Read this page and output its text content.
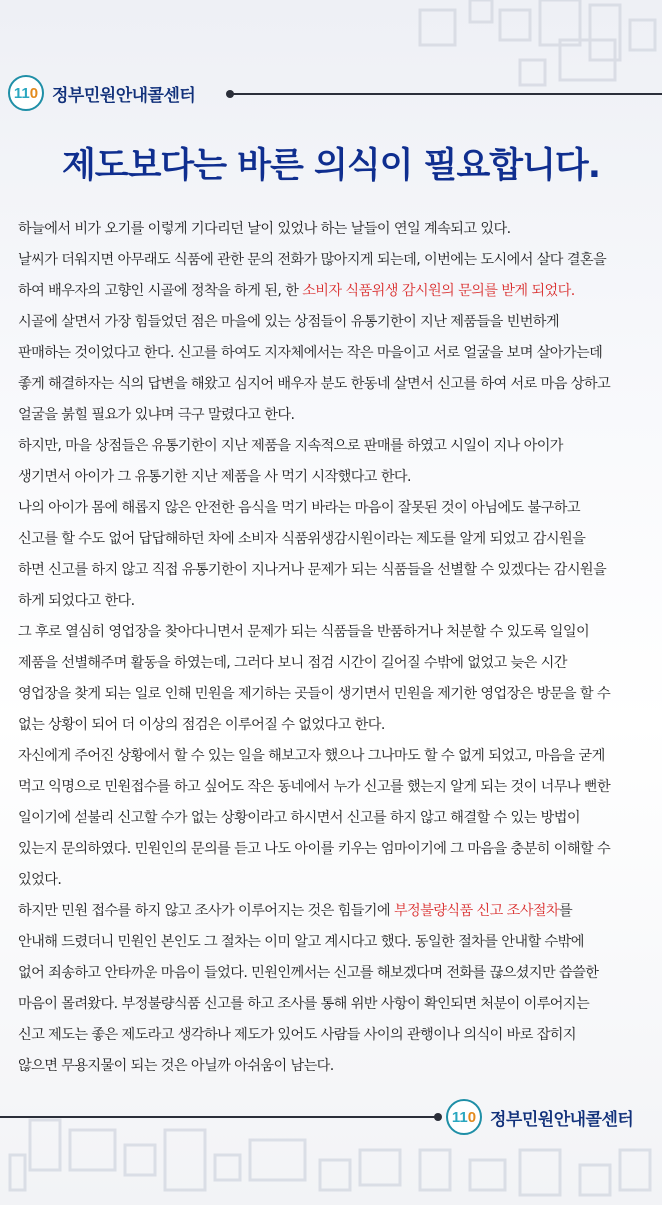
11 0 정부민원안내콜센터
제도보다는 바른 의식이 필요합니다.

하늘에서 비가 오기를 이렇게 기다리던 날이 있었나 하는 날들이 연일 계속되고 있다.

날씨가 더워지면 아무래도 식품에 관한 문의 전화가 많아지게 되는데, 이번에는 도시에서 살다 결혼을

하여 배우자의 고향인 시골에 정착을 하게 된, 한 소비자 식품위생 감시원의 문의를 받게 되었다.

시골에 살면서 가장 힘들었던 점은 마을에 있는 상점들이 유통기한이 지난 제품들을 빈번하게

판매하는 것이었다고 한다. 신고를 하여도 지자체에서는 작은 마을이고 서로 얼굴을 보며 살아가는데

좋게 해결하자는 식의 답변을 해왔고 심지어 배우자 분도 한동네 살면서 신고를 하여 서로 마음 상하고

얼굴을 붉힐 필요가 있냐며 극구 말렸다고 한다.

하지만, 마을 상점들은 유통기한이 지난 제품을 지속적으로 판매를 하였고 시일이 지나 아이가

생기면서 아이가 그 유통기한 지난 제품을 사 먹기 시작했다고 한다.

나의 아이가 몸에 해롭지 않은 안전한 음식을 먹기 바라는 마음이 잘못된 것이 아님에도 불구하고

신고를 할 수도 없어 답답해하던 차에 소비자 식품위생감시원이라는 제도를 알게 되었고 감시원을

하면 신고를 하지 않고 직접 유통기한이 지나거나 문제가 되는 식품들을 선별할 수 있겠다는 감시원을

하게 되었다고 한다.

그 후로 열심히 영업장을 찾아다니면서 문제가 되는 식품들을 반품하거나 처분할 수 있도록 일일이

제품을 선별해주며 활동을 하였는데, 그러다 보니 점검 시간이 길어질 수밖에 없었고 늦은 시간

영업장을 찾게 되는 일로 인해 민원을 제기하는 곳들이 생기면서 민원을 제기한 영업장은 방문을 할 수

없는 상황이 되어 더 이상의 점검은 이루어질 수 없었다고 한다.

자신에게 주어진 상황에서 할 수 있는 일을 해보고자 했으나 그나마도 할 수 없게 되었고, 마음을 굳게

먹고 익명으로 민원접수를 하고 싶어도 작은 동네에서 누가 신고를 했는지 알게 되는 것이 너무나 뻔한

일이기에 섣불리 신고할 수가 없는 상황이라고 하시면서 신고를 하지 않고 해결할 수 있는 방법이

있는지 문의하였다. 민원인의 문의를 듣고 나도 아이를 키우는 엄마이기에 그 마음을 충분히 이해할 수

있었다.

하지만 민원 접수를 하지 않고 조사가 이루어지는 것은 힘들기에 부정불량식품 신고 조사절차를

안내해 드렸더니 민원인 본인도 그 절차는 이미 알고 계시다고 했다. 동일한 절차를 안내할 수밖에

없어 죄송하고 안타까운 마음이 들었다. 민원인께서는 신고를 해보겠다며 전화를 끊으셨지만 씁쓸한

마음이 몰려왔다. 부정불량식품 신고를 하고 조사를 통해 위반 사항이 확인되면 처분이 이루어지는

신고 제도는 좋은 제도라고 생각하나 제도가 있어도 사람들 사이의 관행이나 의식이 바로 잡히지

않으면 무용지물이 되는 것은 아닐까 아쉬움이 남는다.

11 0 정부민원안내콜센터
